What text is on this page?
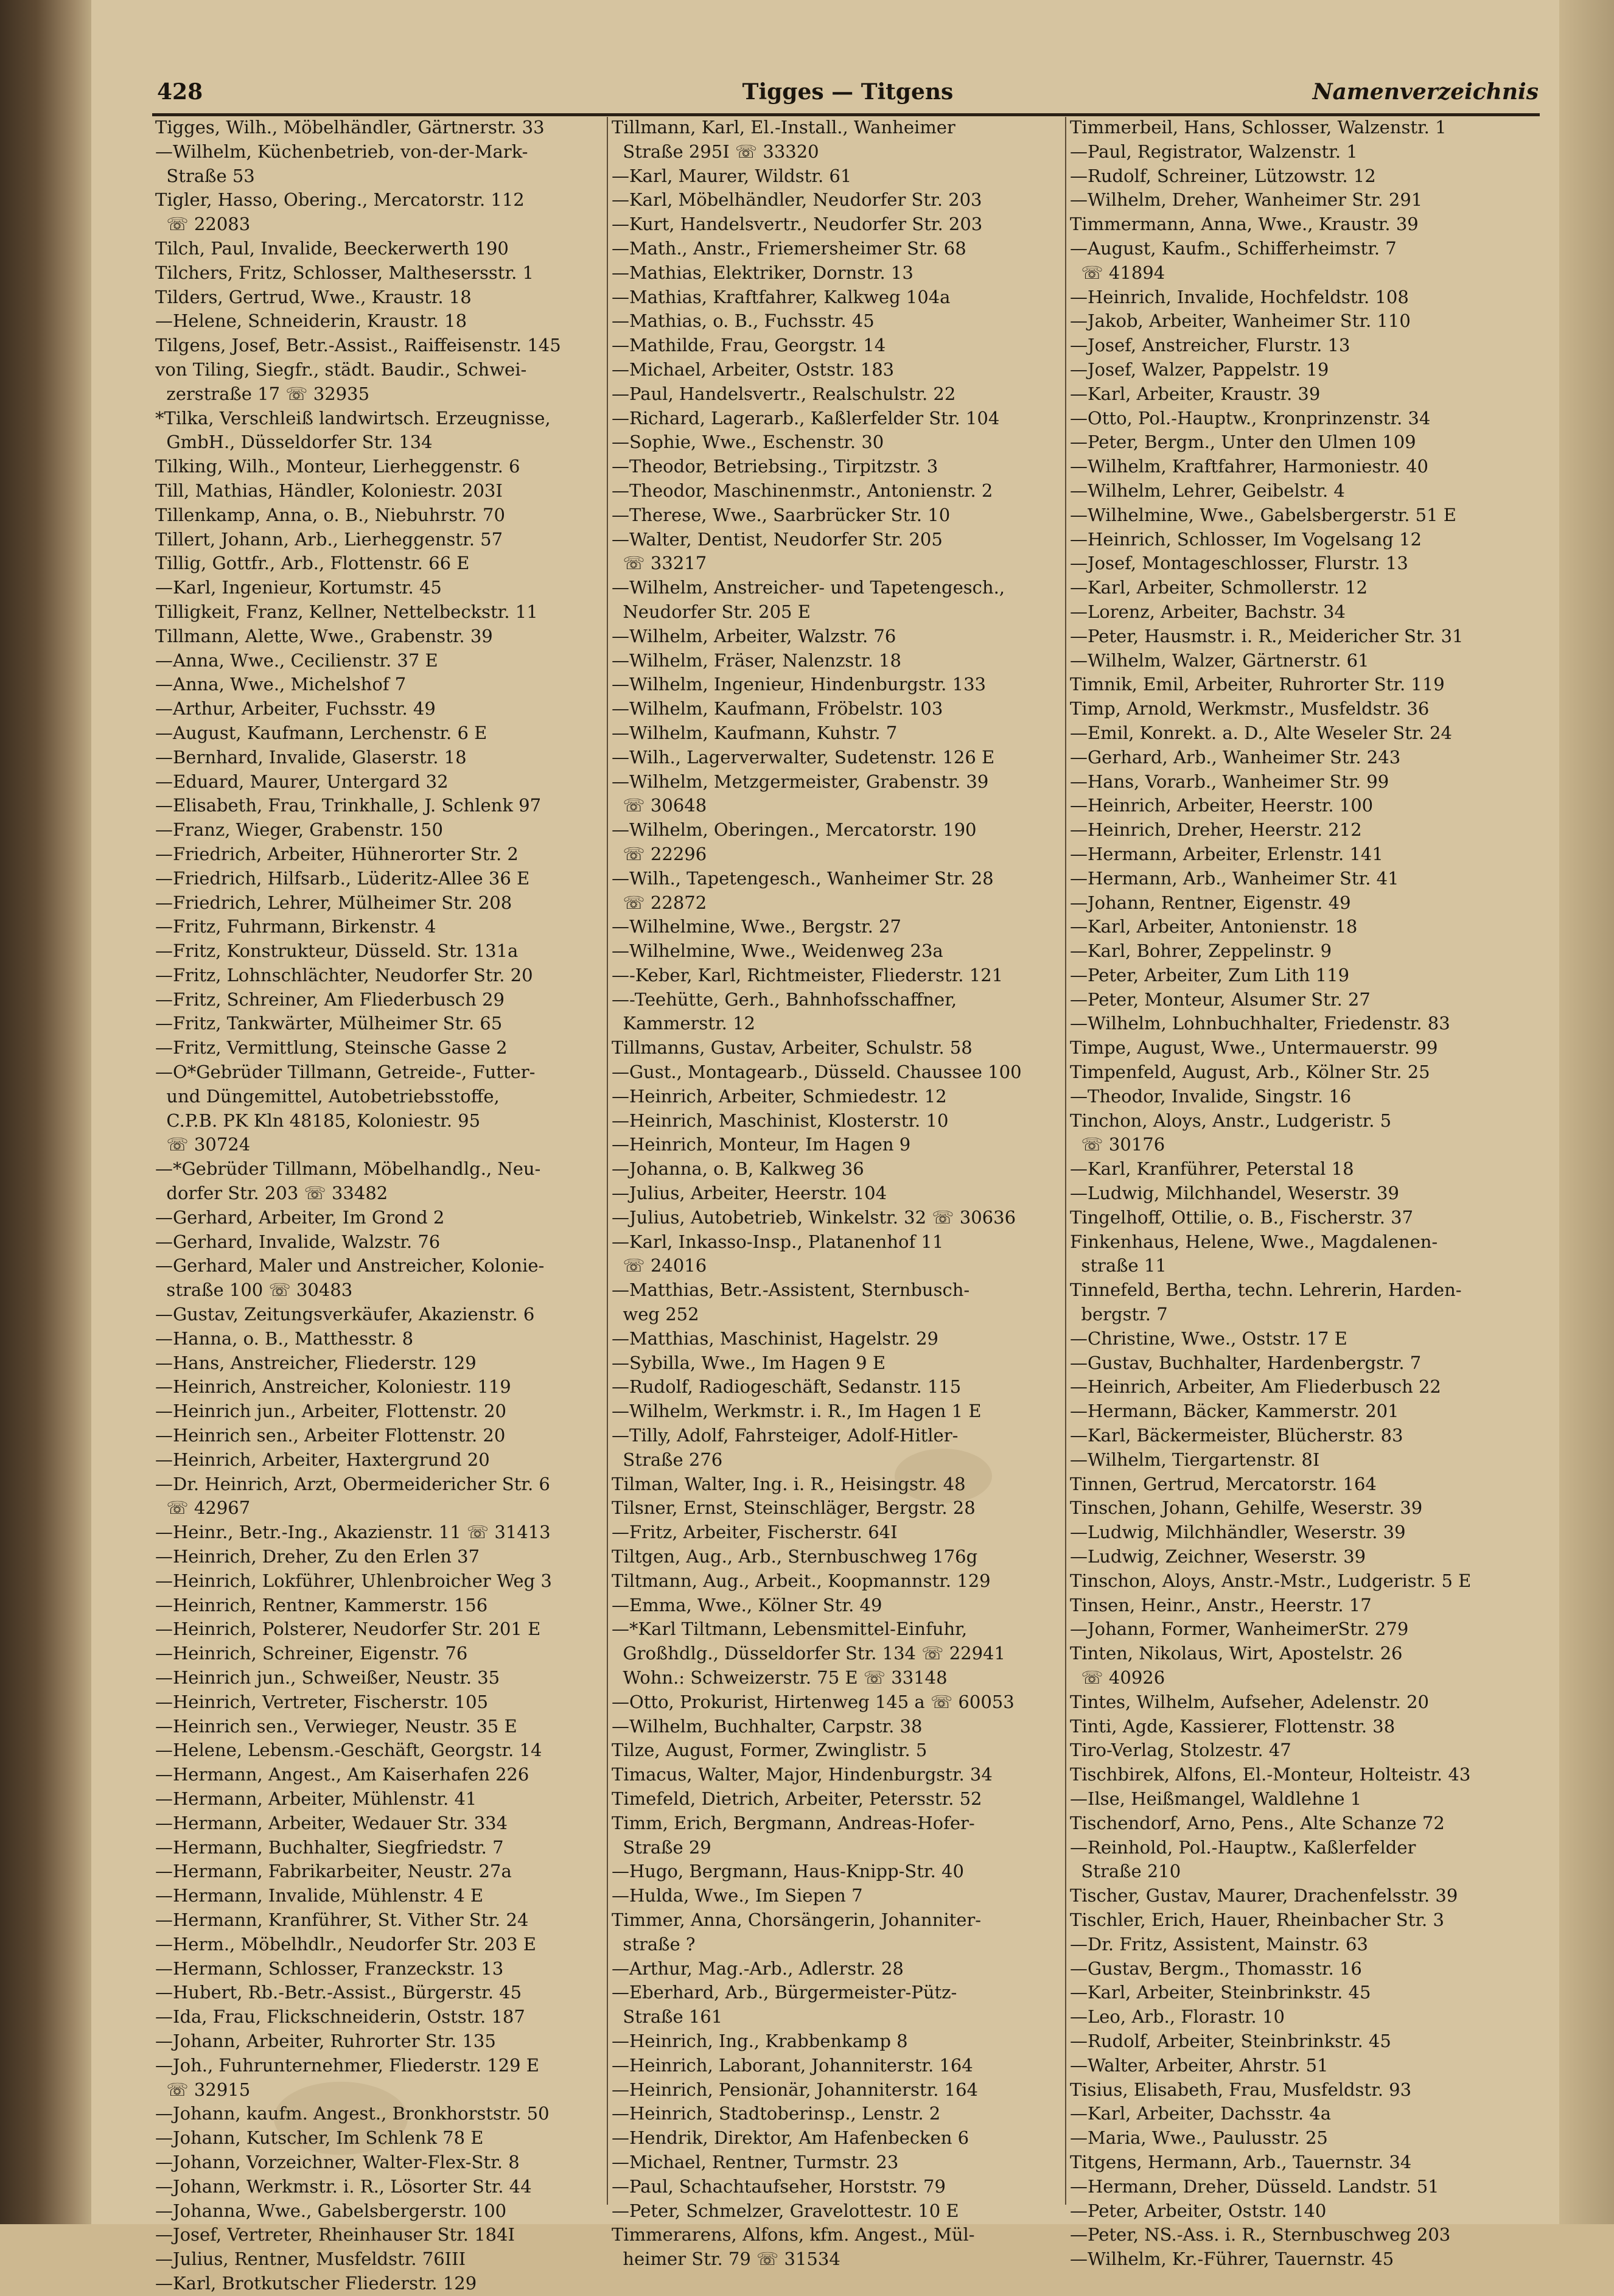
428	Tigges — Titgens	Namenverzeichnis
Tigges, Wilh., Möbelhändler, Gärtnerstr. 33
—Wilhelm, Küchenbetrieb, von-der-Mark-
Straße 53
Tigler, Hasso, Obering., Mercatorstr. 112
☏ 22083
Tilch, Paul, Invalide, Beeckerwerth 190
Tilchers, Fritz, Schlosser, Malthesersstr. 1
Tilders, Gertrud, Wwe., Kraustr. 18
—Helene, Schneiderin, Kraustr. 18
Tilgens, Josef, Betr.-Assist., Raiffeisenstr. 145
von Tiling, Siegfr., städt. Baudir., Schwei-
zerstraße 17 ☏ 32935
*Tilka, Verschleiß landwirtsch. Erzeugnisse,
GmbH., Düsseldorfer Str. 134
Tilking, Wilh., Monteur, Lierheggenstr. 6
Till, Mathias, Händler, Koloniestr. 203I
Tillenkamp, Anna, o. B., Niebuhrstr. 70
Tillert, Johann, Arb., Lierheggenstr. 57
Tillig, Gottfr., Arb., Flottenstr. 66 E
—Karl, Ingenieur, Kortumstr. 45
Tilligkeit, Franz, Kellner, Nettelbeckstr. 11
Tillmann, Alette, Wwe., Grabenstr. 39
—Anna, Wwe., Cecilienstr. 37 E
—Anna, Wwe., Michelshof 7
—Arthur, Arbeiter, Fuchsstr. 49
—August, Kaufmann, Lerchenstr. 6 E
—Bernhard, Invalide, Glaserstr. 18
—Eduard, Maurer, Untergard 32
—Elisabeth, Frau, Trinkhalle, J. Schlenk 97
—Franz, Wieger, Grabenstr. 150
—Friedrich, Arbeiter, Hühnerorter Str. 2
—Friedrich, Hilfsarb., Lüderitz-Allee 36 E
—Friedrich, Lehrer, Mülheimer Str. 208
—Fritz, Fuhrmann, Birkenstr. 4
—Fritz, Konstrukteur, Düsseld. Str. 131a
—Fritz, Lohnschlächter, Neudorfer Str. 20
—Fritz, Schreiner, Am Fliederbusch 29
—Fritz, Tankwärter, Mülheimer Str. 65
—Fritz, Vermittlung, Steinsche Gasse 2
—O*Gebrüder Tillmann, Getreide-, Futter-
und Düngemittel, Autobetriebsstoffe,
C.P.B. PK Kln 48185, Koloniestr. 95
☏ 30724
—*Gebrüder Tillmann, Möbelhandlg., Neu-
dorfer Str. 203 ☏ 33482
—Gerhard, Arbeiter, Im Grond 2
—Gerhard, Invalide, Walzstr. 76
—Gerhard, Maler und Anstreicher, Kolonie-
straße 100 ☏ 30483
—Gustav, Zeitungsverkäufer, Akazienstr. 6
—Hanna, o. B., Matthesstr. 8
—Hans, Anstreicher, Fliederstr. 129
—Heinrich, Anstreicher, Koloniestr. 119
—Heinrich jun., Arbeiter, Flottenstr. 20
—Heinrich sen., Arbeiter Flottenstr. 20
—Heinrich, Arbeiter, Haxtergrund 20
—Dr. Heinrich, Arzt, Obermeidericher Str. 6
☏ 42967
—Heinr., Betr.-Ing., Akazienstr. 11 ☏ 31413
—Heinrich, Dreher, Zu den Erlen 37
—Heinrich, Lokführer, Uhlenbroicher Weg 3
—Heinrich, Rentner, Kammerstr. 156
—Heinrich, Polsterer, Neudorfer Str. 201 E
—Heinrich, Schreiner, Eigenstr. 76
—Heinrich jun., Schweißer, Neustr. 35
—Heinrich, Vertreter, Fischerstr. 105
—Heinrich sen., Verwieger, Neustr. 35 E
—Helene, Lebensm.-Geschäft, Georgstr. 14
—Hermann, Angest., Am Kaiserhafen 226
—Hermann, Arbeiter, Mühlenstr. 41
—Hermann, Arbeiter, Wedauer Str. 334
—Hermann, Buchhalter, Siegfriedstr. 7
—Hermann, Fabrikarbeiter, Neustr. 27a
—Hermann, Invalide, Mühlenstr. 4 E
—Hermann, Kranführer, St. Vither Str. 24
—Herm., Möbelhdlr., Neudorfer Str. 203 E
—Hermann, Schlosser, Franzeckstr. 13
—Hubert, Rb.-Betr.-Assist., Bürgerstr. 45
—Ida, Frau, Flickschneiderin, Oststr. 187
—Johann, Arbeiter, Ruhrorter Str. 135
—Joh., Fuhrunternehmer, Fliederstr. 129 E
☏ 32915
—Johann, kaufm. Angest., Bronkhorststr. 50
—Johann, Kutscher, Im Schlenk 78 E
—Johann, Vorzeichner, Walter-Flex-Str. 8
—Johann, Werkmstr. i. R., Lösorter Str. 44
—Johanna, Wwe., Gabelsbergerstr. 100
—Josef, Vertreter, Rheinhauser Str. 184I
—Julius, Rentner, Musfeldstr. 76III
—Karl, Brotkutscher Fliederstr. 129
Tillmann, Karl, El.-Install., Wanheimer
Straße 295I ☏ 33320
—Karl, Maurer, Wildstr. 61
—Karl, Möbelhändler, Neudorfer Str. 203
—Kurt, Handelsvertr., Neudorfer Str. 203
—Math., Anstr., Friemersheimer Str. 68
—Mathias, Elektriker, Dornstr. 13
—Mathias, Kraftfahrer, Kalkweg 104a
—Mathias, o. B., Fuchsstr. 45
—Mathilde, Frau, Georgstr. 14
—Michael, Arbeiter, Oststr. 183
—Paul, Handelsvertr., Realschulstr. 22
—Richard, Lagerarb., Kaßlerfelder Str. 104
—Sophie, Wwe., Eschenstr. 30
—Theodor, Betriebsing., Tirpitzstr. 3
—Theodor, Maschinenmstr., Antonienstr. 2
—Therese, Wwe., Saarbrücker Str. 10
—Walter, Dentist, Neudorfer Str. 205
☏ 33217
—Wilhelm, Anstreicher- und Tapetengesch.,
Neudorfer Str. 205 E
—Wilhelm, Arbeiter, Walzstr. 76
—Wilhelm, Fräser, Nalenzstr. 18
—Wilhelm, Ingenieur, Hindenburgstr. 133
—Wilhelm, Kaufmann, Fröbelstr. 103
—Wilhelm, Kaufmann, Kuhstr. 7
—Wilh., Lagerverwalter, Sudetenstr. 126 E
—Wilhelm, Metzgermeister, Grabenstr. 39
☏ 30648
—Wilhelm, Oberingen., Mercatorstr. 190
☏ 22296
—Wilh., Tapetengesch., Wanheimer Str. 28
☏ 22872
—Wilhelmine, Wwe., Bergstr. 27
—Wilhelmine, Wwe., Weidenweg 23a
—-Keber, Karl, Richtmeister, Fliederstr. 121
—-Teehütte, Gerh., Bahnhofsschaffner,
Kammerstr. 12
Tillmanns, Gustav, Arbeiter, Schulstr. 58
—Gust., Montagearb., Düsseld. Chaussee 100
—Heinrich, Arbeiter, Schmiedestr. 12
—Heinrich, Maschinist, Klosterstr. 10
—Heinrich, Monteur, Im Hagen 9
—Johanna, o. B, Kalkweg 36
—Julius, Arbeiter, Heerstr. 104
—Julius, Autobetrieb, Winkelstr. 32 ☏ 30636
—Karl, Inkasso-Insp., Platanenhof 11
☏ 24016
—Matthias, Betr.-Assistent, Sternbusch-
weg 252
—Matthias, Maschinist, Hagelstr. 29
—Sybilla, Wwe., Im Hagen 9 E
—Rudolf, Radiogeschäft, Sedanstr. 115
—Wilhelm, Werkmstr. i. R., Im Hagen 1 E
—Tilly, Adolf, Fahrsteiger, Adolf-Hitler-
Straße 276
Tilman, Walter, Ing. i. R., Heisingstr. 48
Tilsner, Ernst, Steinschläger, Bergstr. 28
—Fritz, Arbeiter, Fischerstr. 64I
Tiltgen, Aug., Arb., Sternbuschweg 176g
Tiltmann, Aug., Arbeit., Koopmannstr. 129
—Emma, Wwe., Kölner Str. 49
—*Karl Tiltmann, Lebensmittel-Einfuhr,
Großhdlg., Düsseldorfer Str. 134 ☏ 22941
Wohn.: Schweizerstr. 75 E ☏ 33148
—Otto, Prokurist, Hirtenweg 145 a ☏ 60053
—Wilhelm, Buchhalter, Carpstr. 38
Tilze, August, Former, Zwinglistr. 5
Timacus, Walter, Major, Hindenburgstr. 34
Timefeld, Dietrich, Arbeiter, Petersstr. 52
Timm, Erich, Bergmann, Andreas-Hofer-
Straße 29
—Hugo, Bergmann, Haus-Knipp-Str. 40
—Hulda, Wwe., Im Siepen 7
Timmer, Anna, Chorsängerin, Johanniter-
straße ?
—Arthur, Mag.-Arb., Adlerstr. 28
—Eberhard, Arb., Bürgermeister-Pütz-
Straße 161
—Heinrich, Ing., Krabbenkamp 8
—Heinrich, Laborant, Johanniterstr. 164
—Heinrich, Pensionär, Johanniterstr. 164
—Heinrich, Stadtoberinsp., Lenstr. 2
—Hendrik, Direktor, Am Hafenbecken 6
—Michael, Rentner, Turmstr. 23
—Paul, Schachtaufseher, Horststr. 79
—Peter, Schmelzer, Gravelottestr. 10 E
Timmerarens, Alfons, kfm. Angest., Mül-
heimer Str. 79 ☏ 31534
Timmerbeil, Hans, Schlosser, Walzenstr. 1
—Paul, Registrator, Walzenstr. 1
—Rudolf, Schreiner, Lützowstr. 12
—Wilhelm, Dreher, Wanheimer Str. 291
Timmermann, Anna, Wwe., Kraustr. 39
—August, Kaufm., Schifferheimstr. 7
☏ 41894
—Heinrich, Invalide, Hochfeldstr. 108
—Jakob, Arbeiter, Wanheimer Str. 110
—Josef, Anstreicher, Flurstr. 13
—Josef, Walzer, Pappelstr. 19
—Karl, Arbeiter, Kraustr. 39
—Otto, Pol.-Hauptw., Kronprinzenstr. 34
—Peter, Bergm., Unter den Ulmen 109
—Wilhelm, Kraftfahrer, Harmoniestr. 40
—Wilhelm, Lehrer, Geibelstr. 4
—Wilhelmine, Wwe., Gabelsbergerstr. 51 E
—Heinrich, Schlosser, Im Vogelsang 12
—Josef, Montageschlosser, Flurstr. 13
—Karl, Arbeiter, Schmollerstr. 12
—Lorenz, Arbeiter, Bachstr. 34
—Peter, Hausmstr. i. R., Meidericher Str. 31
—Wilhelm, Walzer, Gärtnerstr. 61
Timnik, Emil, Arbeiter, Ruhrorter Str. 119
Timp, Arnold, Werkmstr., Musfeldstr. 36
—Emil, Konrekt. a. D., Alte Weseler Str. 24
—Gerhard, Arb., Wanheimer Str. 243
—Hans, Vorarb., Wanheimer Str. 99
—Heinrich, Arbeiter, Heerstr. 100
—Heinrich, Dreher, Heerstr. 212
—Hermann, Arbeiter, Erlenstr. 141
—Hermann, Arb., Wanheimer Str. 41
—Johann, Rentner, Eigenstr. 49
—Karl, Arbeiter, Antonienstr. 18
—Karl, Bohrer, Zeppelinstr. 9
—Peter, Arbeiter, Zum Lith 119
—Peter, Monteur, Alsumer Str. 27
—Wilhelm, Lohnbuchhalter, Friedenstr. 83
Timpe, August, Wwe., Untermauerstr. 99
Timpenfeld, August, Arb., Kölner Str. 25
—Theodor, Invalide, Singstr. 16
Tinchon, Aloys, Anstr., Ludgeristr. 5
☏ 30176
—Karl, Kranführer, Peterstal 18
—Ludwig, Milchhandel, Weserstr. 39
Tingelhoff, Ottilie, o. B., Fischerstr. 37
Finkenhaus, Helene, Wwe., Magdalenen-
straße 11
Tinnefeld, Bertha, techn. Lehrerin, Harden-
bergstr. 7
—Christine, Wwe., Oststr. 17 E
—Gustav, Buchhalter, Hardenbergstr. 7
—Heinrich, Arbeiter, Am Fliederbusch 22
—Hermann, Bäcker, Kammerstr. 201
—Karl, Bäckermeister, Blücherstr. 83
—Wilhelm, Tiergartenstr. 8I
Tinnen, Gertrud, Mercatorstr. 164
Tinschen, Johann, Gehilfe, Weserstr. 39
—Ludwig, Milchhändler, Weserstr. 39
—Ludwig, Zeichner, Weserstr. 39
Tinschon, Aloys, Anstr.-Mstr., Ludgeristr. 5 E
Tinsen, Heinr., Anstr., Heerstr. 17
—Johann, Former, WanheimerStr. 279
Tinten, Nikolaus, Wirt, Apostelstr. 26
☏ 40926
Tintes, Wilhelm, Aufseher, Adelenstr. 20
Tinti, Agde, Kassierer, Flottenstr. 38
Tiro-Verlag, Stolzestr. 47
Tischbirek, Alfons, El.-Monteur, Holteistr. 43
—Ilse, Heißmangel, Waldlehne 1
Tischendorf, Arno, Pens., Alte Schanze 72
—Reinhold, Pol.-Hauptw., Kaßlerfelder
Straße 210
Tischer, Gustav, Maurer, Drachenfelsstr. 39
Tischler, Erich, Hauer, Rheinbacher Str. 3
—Dr. Fritz, Assistent, Mainstr. 63
—Gustav, Bergm., Thomasstr. 16
—Karl, Arbeiter, Steinbrinkstr. 45
—Leo, Arb., Florastr. 10
—Rudolf, Arbeiter, Steinbrinkstr. 45
—Walter, Arbeiter, Ahrstr. 51
Tisius, Elisabeth, Frau, Musfeldstr. 93
—Karl, Arbeiter, Dachsstr. 4a
—Maria, Wwe., Paulusstr. 25
Titgens, Hermann, Arb., Tauernstr. 34
—Hermann, Dreher, Düsseld. Landstr. 51
—Peter, Arbeiter, Oststr. 140
—Peter, NS.-Ass. i. R., Sternbuschweg 203
—Wilhelm, Kr.-Führer, Tauernstr. 45
